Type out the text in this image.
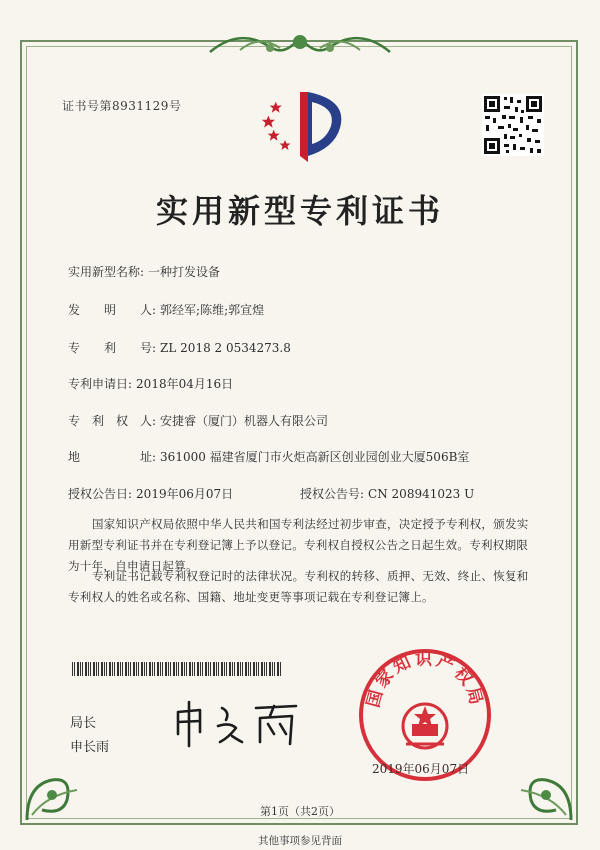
证书号第8931129号
实用新型专利证书
实用新型名称: 一种打发设备
发　　明　　人: 郭经军;陈维;郭宣煌
专　　利　　号: ZL 2018 2 0534273.8
专利申请日: 2018年04月16日
专　利　权　人: 安捷睿（厦门）机器人有限公司
地　　　　　址: 361000 福建省厦门市火炬高新区创业园创业大厦506B室
授权公告日: 2019年06月07日	授权公告号: CN 208941023 U
国家知识产权局依照中华人民共和国专利法经过初步审查，决定授予专利权，颁发实用新型专利证书并在专利登记簿上予以登记。专利权自授权公告之日起生效。专利权期限为十年，自申请日起算。
专利证书记载专利权登记时的法律状况。专利权的转移、质押、无效、终止、恢复和专利权人的姓名或名称、国籍、地址变更等事项记载在专利登记簿上。
局长
申长雨
国家知识产权局
2019年06月07日
第1页（共2页）
其他事项参见背面
